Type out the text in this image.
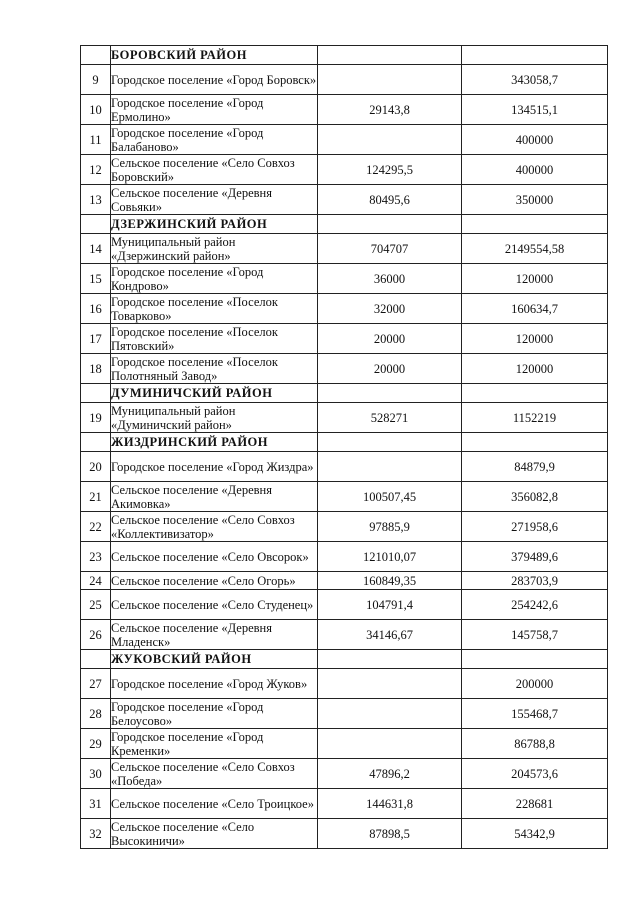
	БОРОВСКИЙ РАЙОН		
9	Городское поселение «Город Боровск»		343058,7
10	Городское поселение «Город Ермолино»	29143,8	134515,1
11	Городское поселение «Город Балабаново»		400000
12	Сельское поселение «Село Совхоз Боровский»	124295,5	400000
13	Сельское поселение «Деревня Совьяки»	80495,6	350000
	ДЗЕРЖИНСКИЙ РАЙОН		
14	Муниципальный район «Дзержинский район»	704707	2149554,58
15	Городское поселение «Город Кондрово»	36000	120000
16	Городское поселение «Поселок Товарково»	32000	160634,7
17	Городское поселение «Поселок Пятовский»	20000	120000
18	Городское поселение «Поселок Полотняный Завод»	20000	120000
	ДУМИНИЧСКИЙ РАЙОН		
19	Муниципальный район «Думиничский район»	528271	1152219
	ЖИЗДРИНСКИЙ РАЙОН		
20	Городское поселение «Город Жиздра»		84879,9
21	Сельское поселение «Деревня Акимовка»	100507,45	356082,8
22	Сельское поселение «Село Совхоз «Коллективизатор»	97885,9	271958,6
23	Сельское поселение «Село Овсорок»	121010,07	379489,6
24	Сельское поселение «Село Огорь»	160849,35	283703,9
25	Сельское поселение «Село Студенец»	104791,4	254242,6
26	Сельское поселение «Деревня Младенск»	34146,67	145758,7
	ЖУКОВСКИЙ РАЙОН		
27	Городское поселение «Город Жуков»		200000
28	Городское поселение «Город Белоусово»		155468,7
29	Городское поселение «Город Кременки»		86788,8
30	Сельское поселение «Село Совхоз «Победа»	47896,2	204573,6
31	Сельское поселение «Село Троицкое»	144631,8	228681
32	Сельское поселение «Село Высокиничи»	87898,5	54342,9
